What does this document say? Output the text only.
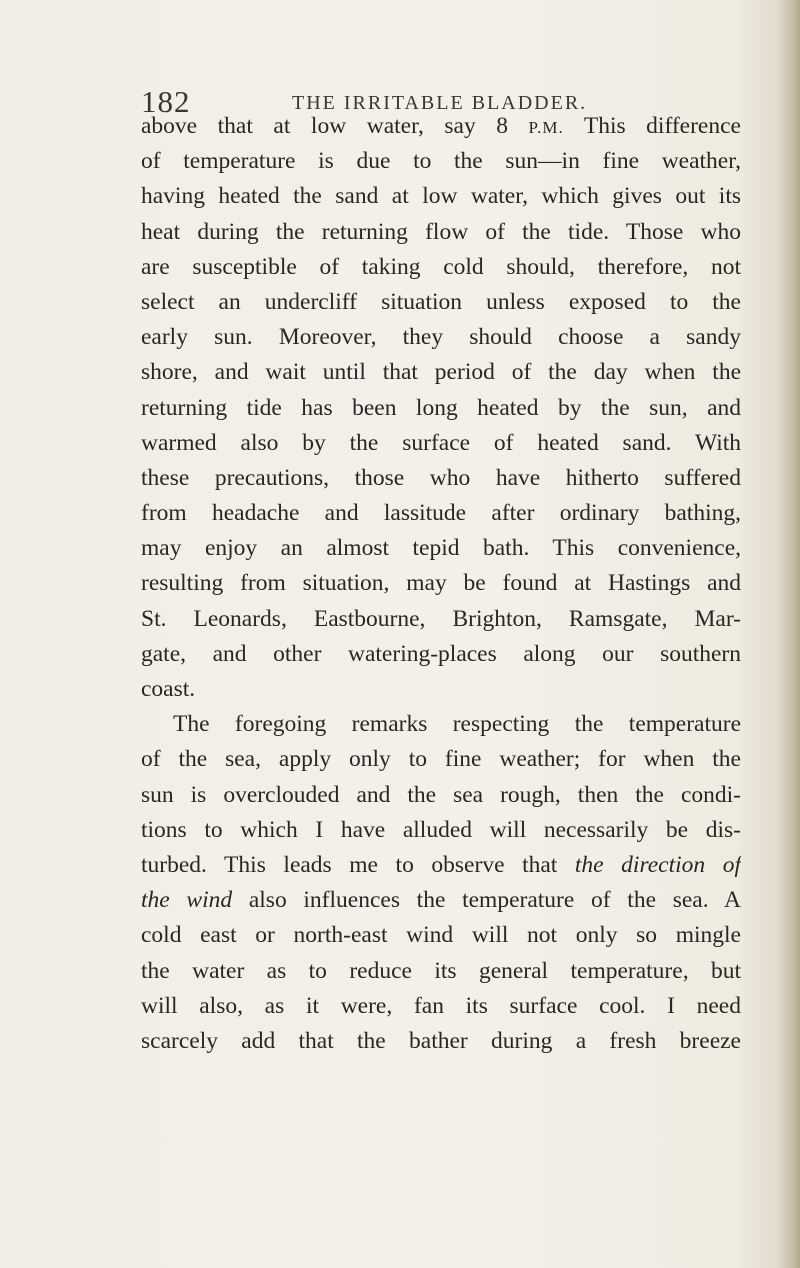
182	THE IRRITABLE BLADDER.
above that at low water, say 8 P.M. This difference
of temperature is due to the sun—in fine weather,
having heated the sand at low water, which gives out its
heat during the returning flow of the tide. Those who
are susceptible of taking cold should, therefore, not
select an undercliff situation unless exposed to the
early sun. Moreover, they should choose a sandy
shore, and wait until that period of the day when the
returning tide has been long heated by the sun, and
warmed also by the surface of heated sand. With
these precautions, those who have hitherto suffered
from headache and lassitude after ordinary bathing,
may enjoy an almost tepid bath. This convenience,
resulting from situation, may be found at Hastings and
St. Leonards, Eastbourne, Brighton, Ramsgate, Mar-
gate, and other watering-places along our southern
coast.
The foregoing remarks respecting the temperature
of the sea, apply only to fine weather; for when the
sun is overclouded and the sea rough, then the condi-
tions to which I have alluded will necessarily be dis-
turbed. This leads me to observe that the direction of
the wind also influences the temperature of the sea. A
cold east or north-east wind will not only so mingle
the water as to reduce its general temperature, but
will also, as it were, fan its surface cool. I need
scarcely add that the bather during a fresh breeze
